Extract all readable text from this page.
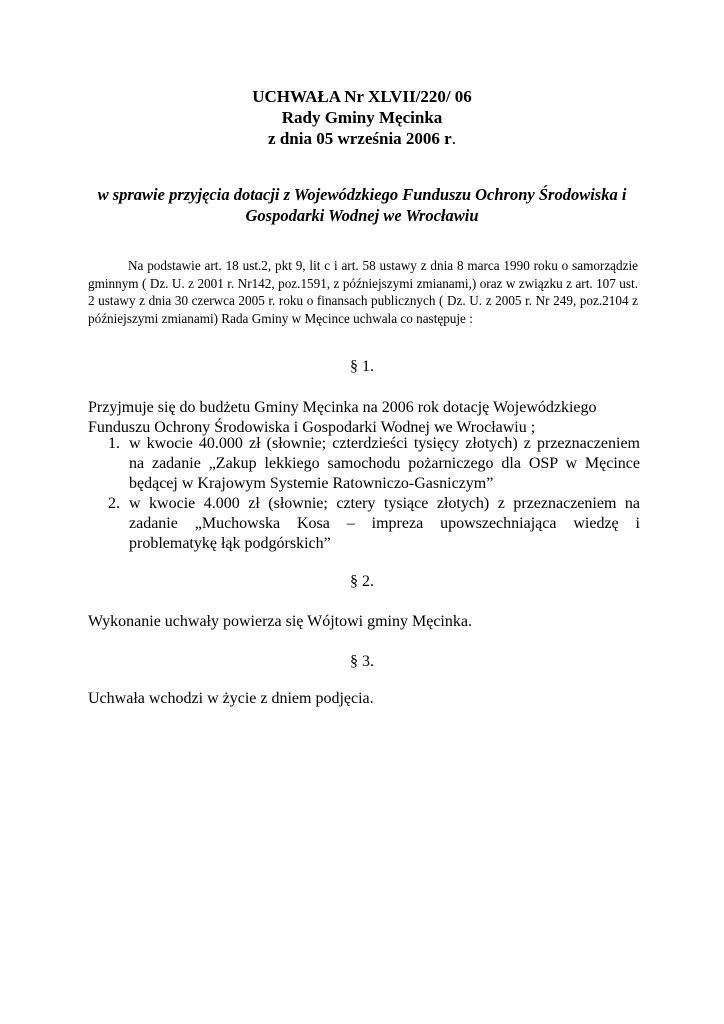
UCHWAŁA Nr XLVII/220/ 06
Rady Gminy Męcinka
z dnia 05 września 2006 r.
w sprawie przyjęcia dotacji z Wojewódzkiego Funduszu Ochrony Środowiska i
Gospodarki Wodnej we Wrocławiu
Na podstawie art. 18 ust.2, pkt 9, lit c i art. 58 ustawy z dnia 8 marca 1990 roku o samorządzie gminnym ( Dz. U. z 2001 r. Nr142, poz.1591, z późniejszymi zmianami,) oraz w związku z art. 107 ust. 2 ustawy z dnia 30 czerwca 2005 r. roku o finansach publicznych ( Dz. U. z 2005 r. Nr 249, poz.2104 z późniejszymi zmianami) Rada Gminy w Męcince uchwala co następuje :
§ 1.
Przyjmuje się do budżetu Gminy Męcinka na 2006 rok dotację Wojewódzkiego
Funduszu Ochrony Środowiska i Gospodarki Wodnej we Wrocławiu ;
1. w kwocie 40.000 zł (słownie; czterdzieści tysięcy złotych) z przeznaczeniem na zadanie „Zakup lekkiego samochodu pożarniczego dla OSP w Męcince będącej w Krajowym Systemie Ratowniczo-Gasniczym”
2. w kwocie 4.000 zł (słownie; cztery tysiące złotych) z przeznaczeniem na zadanie „Muchowska Kosa – impreza upowszechniająca wiedzę i problematykę łąk podgórskich”
§ 2.
Wykonanie uchwały powierza się Wójtowi gminy Męcinka.
§ 3.
Uchwała wchodzi w życie z dniem podjęcia.
